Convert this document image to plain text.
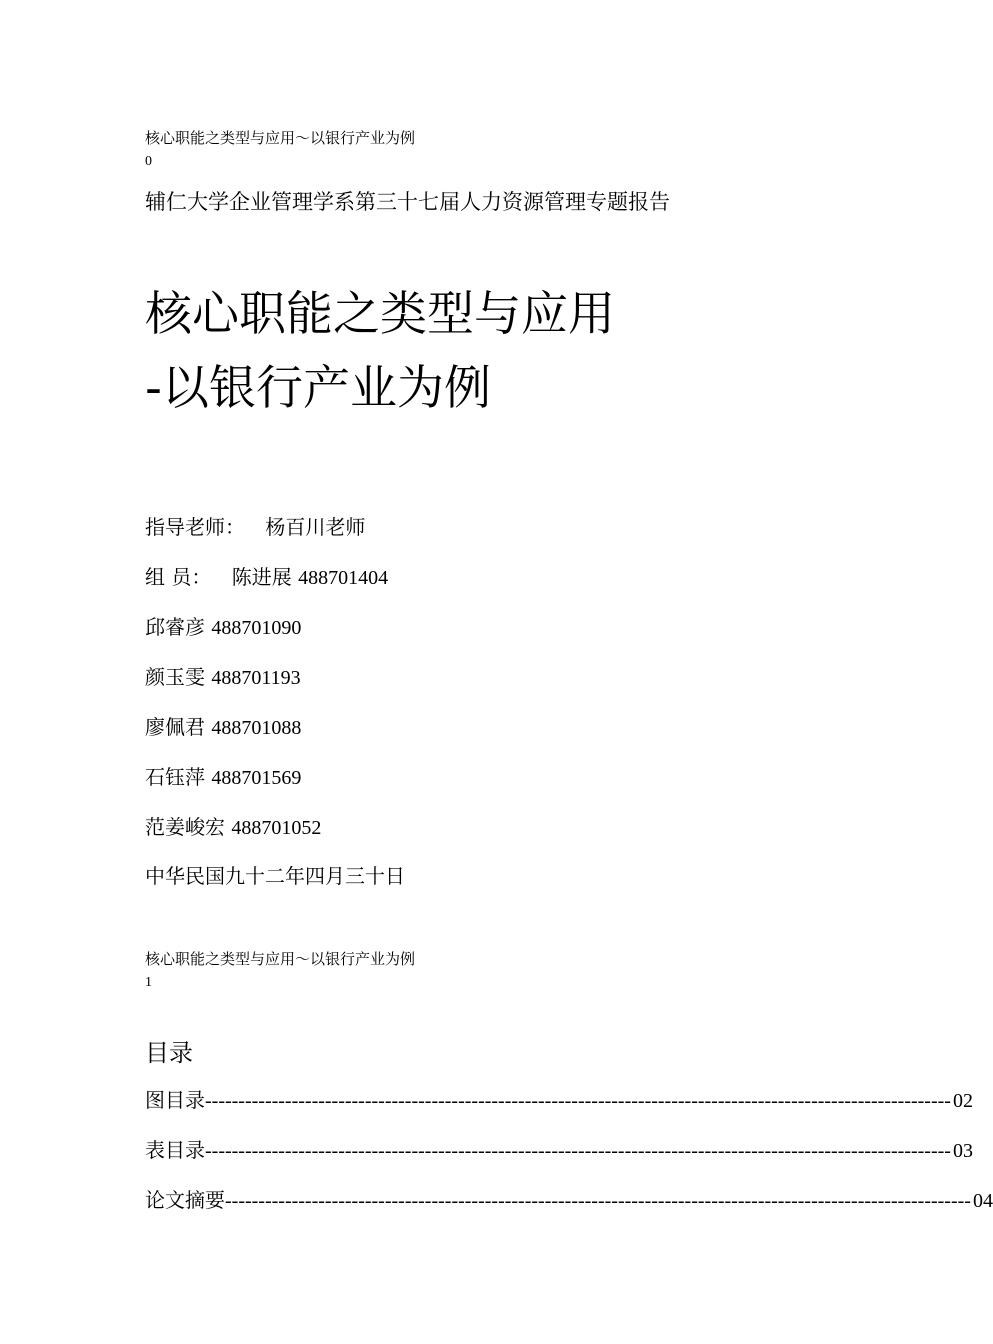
核心职能之类型与应用～以银行产业为例
0
辅仁大学企业管理学系第三十七届人力资源管理专题报告
核心职能之类型与应用
-以银行产业为例
指导老师： 杨百川老师
组 员： 陈进展 488701404
邱睿彦 488701090
颜玉雯 488701193
廖佩君 488701088
石钰萍 488701569
范姜峻宏 488701052
中华民国九十二年四月三十日
核心职能之类型与应用～以银行产业为例
1
目录
图目录 ---------------------------------------------------------------------------------------------------------------- 02
表目录 ---------------------------------------------------------------------------------------------------------------- 03
论文摘要 ---------------------------------------------------------------------------------------------------------------- 04
